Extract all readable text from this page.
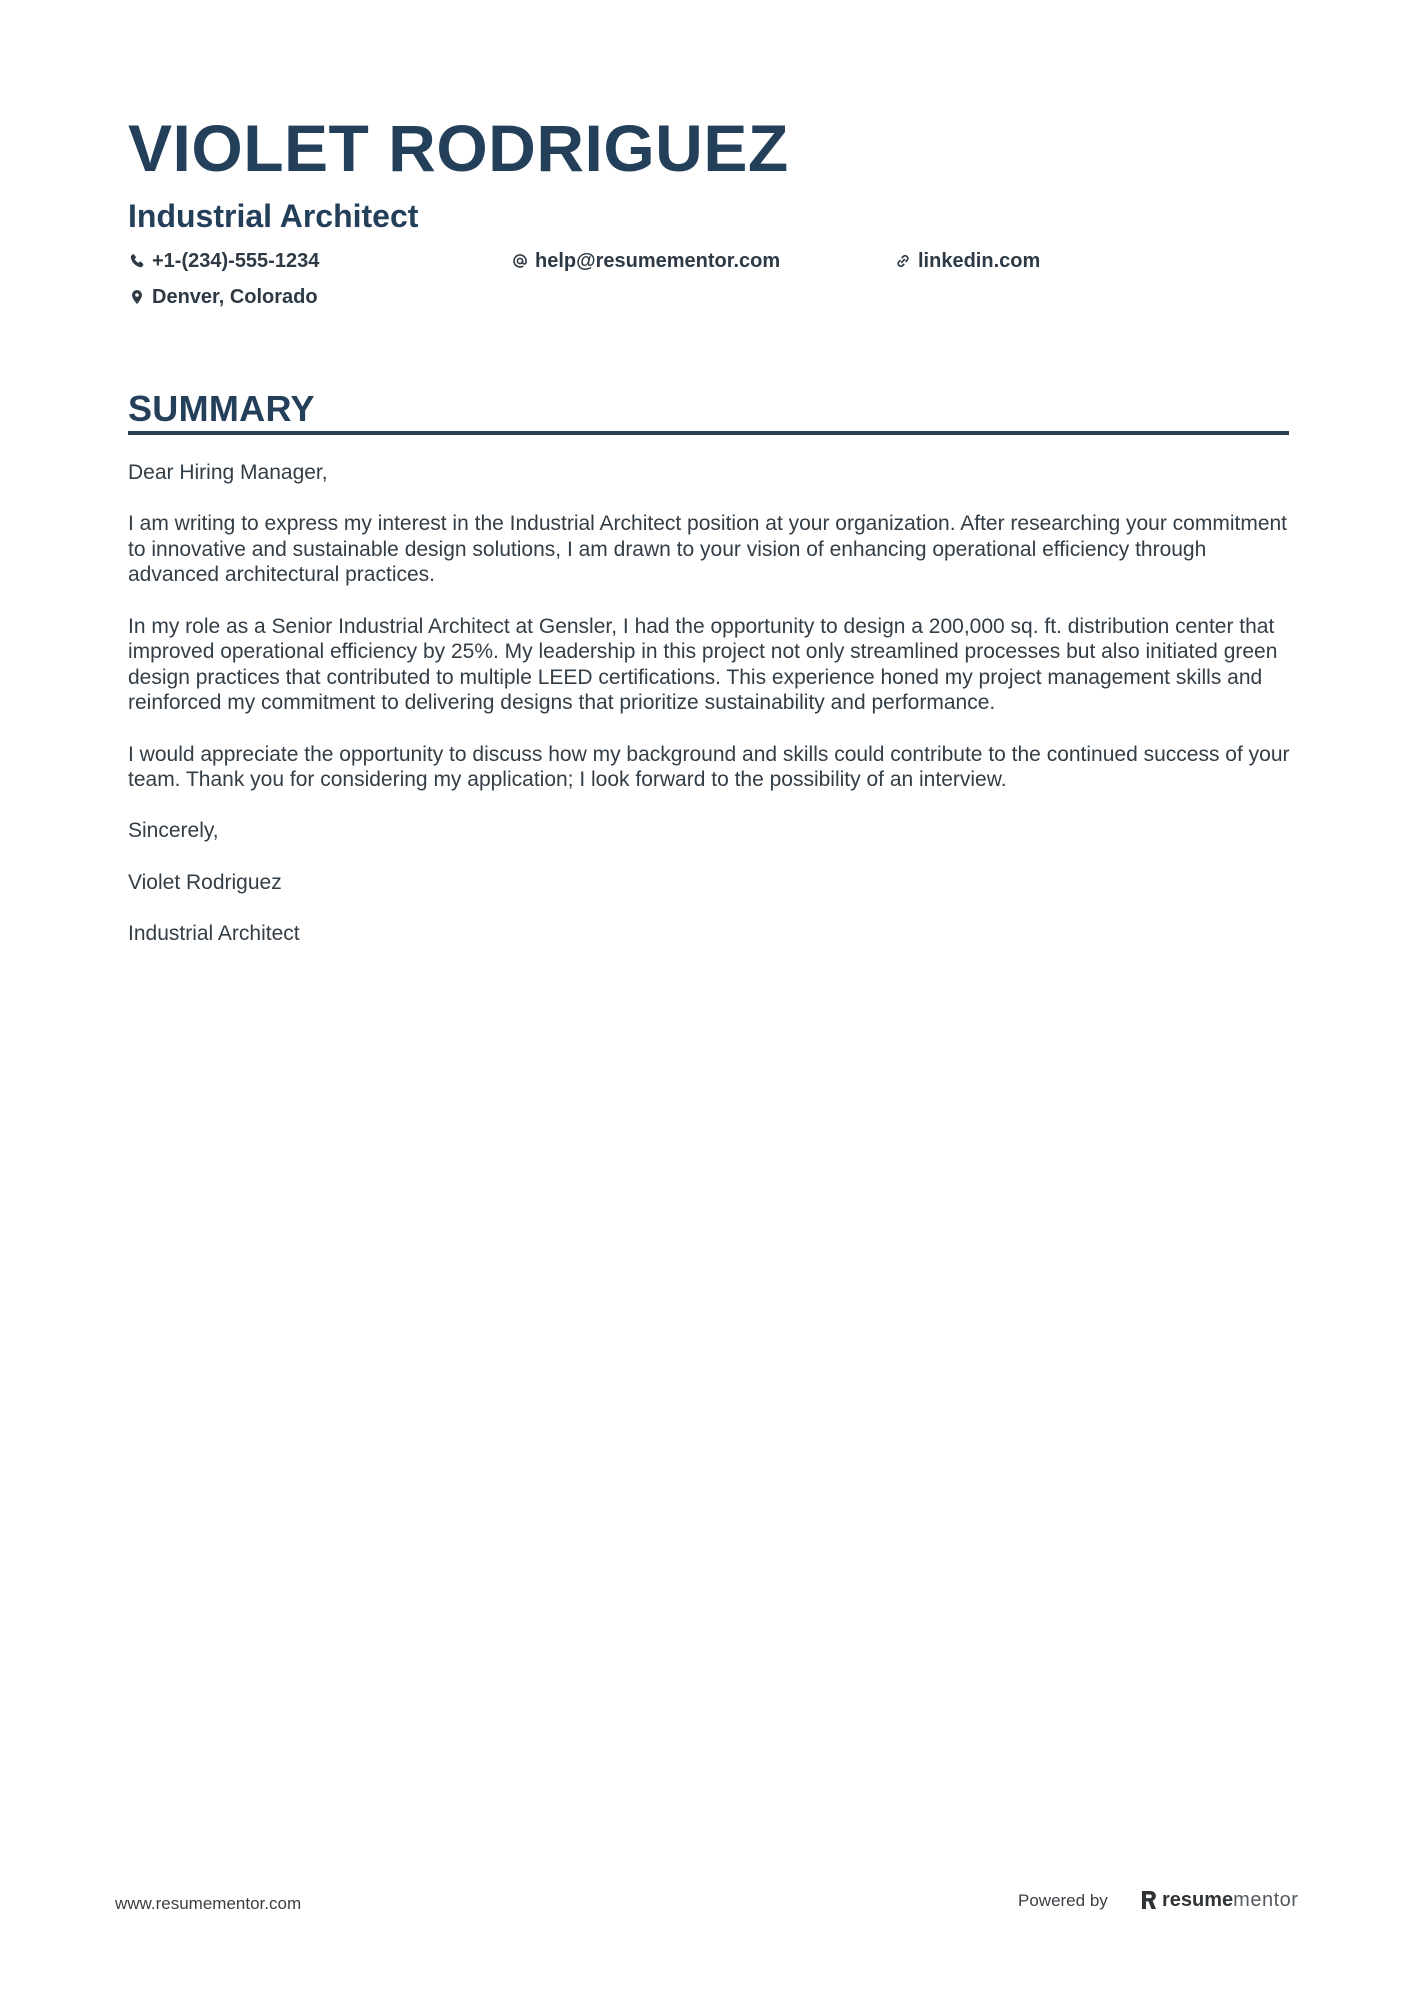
VIOLET RODRIGUEZ
Industrial Architect
+1-(234)-555-1234	help@resumementor.com	linkedin.com
Denver, Colorado
SUMMARY

Dear Hiring Manager,

I am writing to express my interest in the Industrial Architect position at your organization. After researching your commitment to innovative and sustainable design solutions, I am drawn to your vision of enhancing operational efficiency through advanced architectural practices.

In my role as a Senior Industrial Architect at Gensler, I had the opportunity to design a 200,000 sq. ft. distribution center that improved operational efficiency by 25%. My leadership in this project not only streamlined processes but also initiated green design practices that contributed to multiple LEED certifications. This experience honed my project management skills and reinforced my commitment to delivering designs that prioritize sustainability and performance.

I would appreciate the opportunity to discuss how my background and skills could contribute to the continued success of your team. Thank you for considering my application; I look forward to the possibility of an interview.

Sincerely,

Violet Rodriguez

Industrial Architect

www.resumementor.com	Powered by	resume mentor
